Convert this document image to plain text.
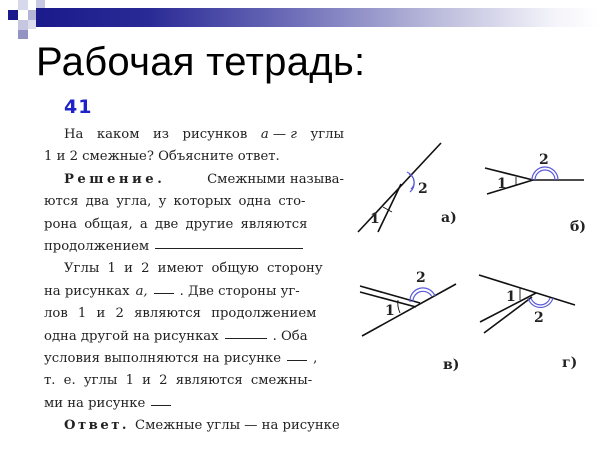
Рабочая тетрадь:
41
На каком из рисунков а — г углы
1 и 2 смежные? Объясните ответ.
Решение.	Смежными называ-
ются два угла, у которых одна сто-
рона общая, а две другие являются
продолжением
Углы 1 и 2 имеют общую сторону
на рисунках а, . Две стороны уг-
лов 1 и 2 являются продолжением
одна другой на рисунках	. Оба
условия выполняются на рисунке ,
т. е. углы 1 и 2 являются смежны-
ми на рисунке
Ответ. Смежные углы — на рисунке
1
2
а)
2
1
б)
2
1
в)
1
2
г)
